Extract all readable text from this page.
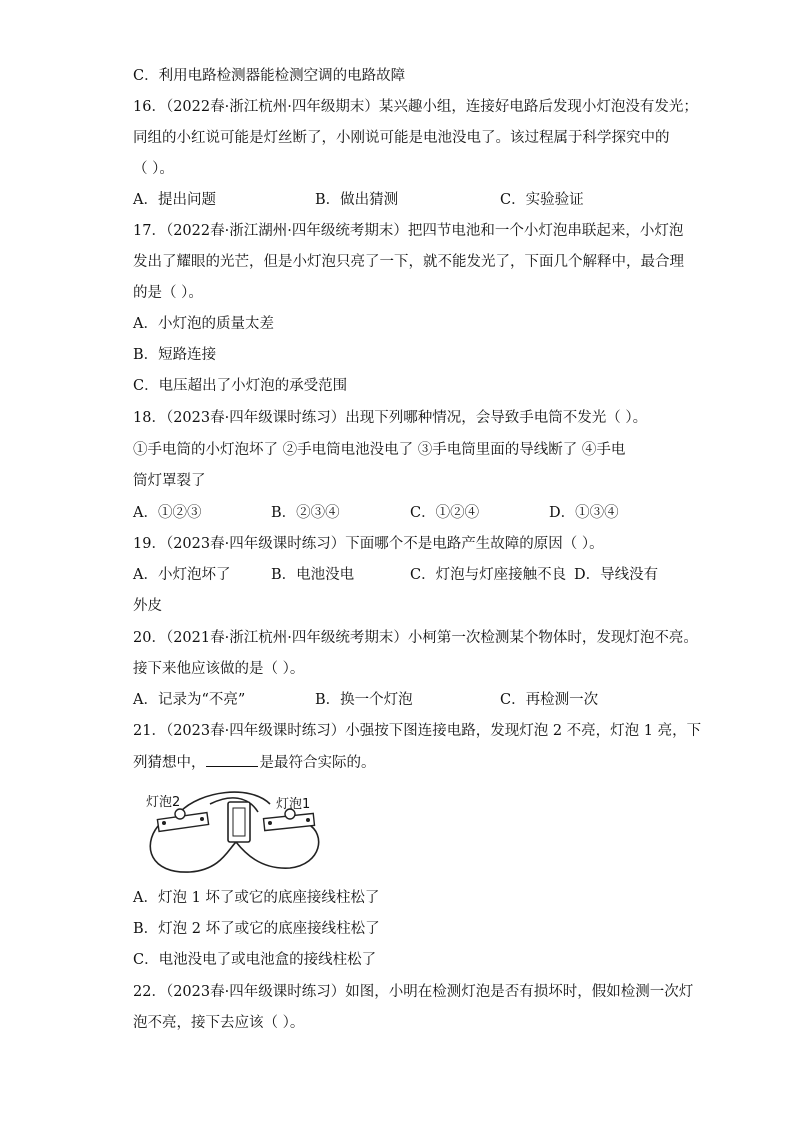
C．利用电路检测器能检测空调的电路故障
16．（2022春·浙江杭州·四年级期末）某兴趣小组，连接好电路后发现小灯泡没有发光；
同组的小红说可能是灯丝断了，小刚说可能是电池没电了。该过程属于科学探究中的
（ ）。
A．提出问题	B．做出猜测	C．实验验证
17．（2022春·浙江湖州·四年级统考期末）把四节电池和一个小灯泡串联起来，小灯泡
发出了耀眼的光芒，但是小灯泡只亮了一下，就不能发光了，下面几个解释中，最合理
的是（ ）。
A．小灯泡的质量太差
B．短路连接
C．电压超出了小灯泡的承受范围
18．（2023春·四年级课时练习）出现下列哪种情况，会导致手电筒不发光（ ）。
①手电筒的小灯泡坏了 ②手电筒电池没电了 ③手电筒里面的导线断了 ④手电
筒灯罩裂了
A．①②③	B．②③④	C．①②④	D．①③④
19．（2023春·四年级课时练习）下面哪个不是电路产生故障的原因（ ）。
A．小灯泡坏了	B．电池没电	C．灯泡与灯座接触不良 D．导线没有
外皮
20．（2021春·浙江杭州·四年级统考期末）小柯第一次检测某个物体时，发现灯泡不亮。
接下来他应该做的是（ ）。
A．记录为“不亮”	B．换一个灯泡	C．再检测一次
21．（2023春·四年级课时练习）小强按下图连接电路，发现灯泡 2 不亮，灯泡 1 亮，下
列猜想中，	是最符合实际的。
灯泡2	灯泡1
A．灯泡 1 坏了或它的底座接线柱松了
B．灯泡 2 坏了或它的底座接线柱松了
C．电池没电了或电池盒的接线柱松了
22．（2023春·四年级课时练习）如图，小明在检测灯泡是否有损坏时，假如检测一次灯
泡不亮，接下去应该（ ）。
